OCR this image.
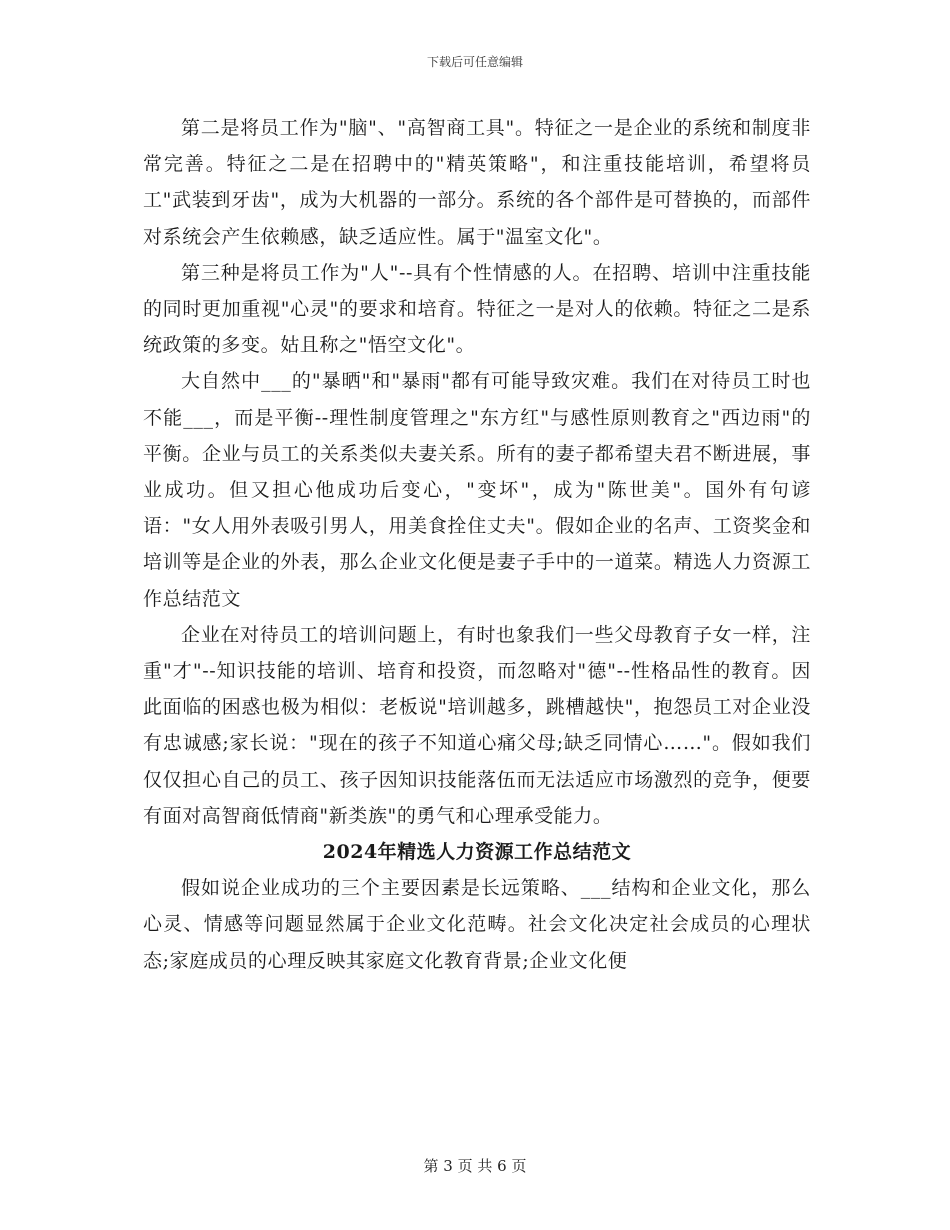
下载后可任意编辑

第二是将员工作为"脑"、"高智商工具"。特征之一是企业的系统和制度非常完善。特征之二是在招聘中的"精英策略"，和注重技能培训，希望将员工"武装到牙齿"，成为大机器的一部分。系统的各个部件是可替换的，而部件对系统会产生依赖感，缺乏适应性。属于"温室文化"。

第三种是将员工作为"人"--具有个性情感的人。在招聘、培训中注重技能的同时更加重视"心灵"的要求和培育。特征之一是对人的依赖。特征之二是系统政策的多变。姑且称之"悟空文化"。

大自然中___的"暴晒"和"暴雨"都有可能导致灾难。我们在对待员工时也不能___，而是平衡--理性制度管理之"东方红"与感性原则教育之"西边雨"的平衡。企业与员工的关系类似夫妻关系。所有的妻子都希望夫君不断进展，事业成功。但又担心他成功后变心，"变坏"，成为"陈世美"。国外有句谚语："女人用外表吸引男人，用美食拴住丈夫"。假如企业的名声、工资奖金和培训等是企业的外表，那么企业文化便是妻子手中的一道菜。精选人力资源工作总结范文

企业在对待员工的培训问题上，有时也象我们一些父母教育子女一样，注重"才"--知识技能的培训、培育和投资，而忽略对"德"--性格品性的教育。因此面临的困惑也极为相似：老板说"培训越多，跳槽越快"，抱怨员工对企业没有忠诚感;家长说："现在的孩子不知道心痛父母;缺乏同情心……"。假如我们仅仅担心自己的员工、孩子因知识技能落伍而无法适应市场激烈的竞争，便要有面对高智商低情商"新类族"的勇气和心理承受能力。

2024年精选人力资源工作总结范文

假如说企业成功的三个主要因素是长远策略、___结构和企业文化，那么心灵、情感等问题显然属于企业文化范畴。社会文化决定社会成员的心理状态;家庭成员的心理反映其家庭文化教育背景;企业文化便

第 3 页 共 6 页
